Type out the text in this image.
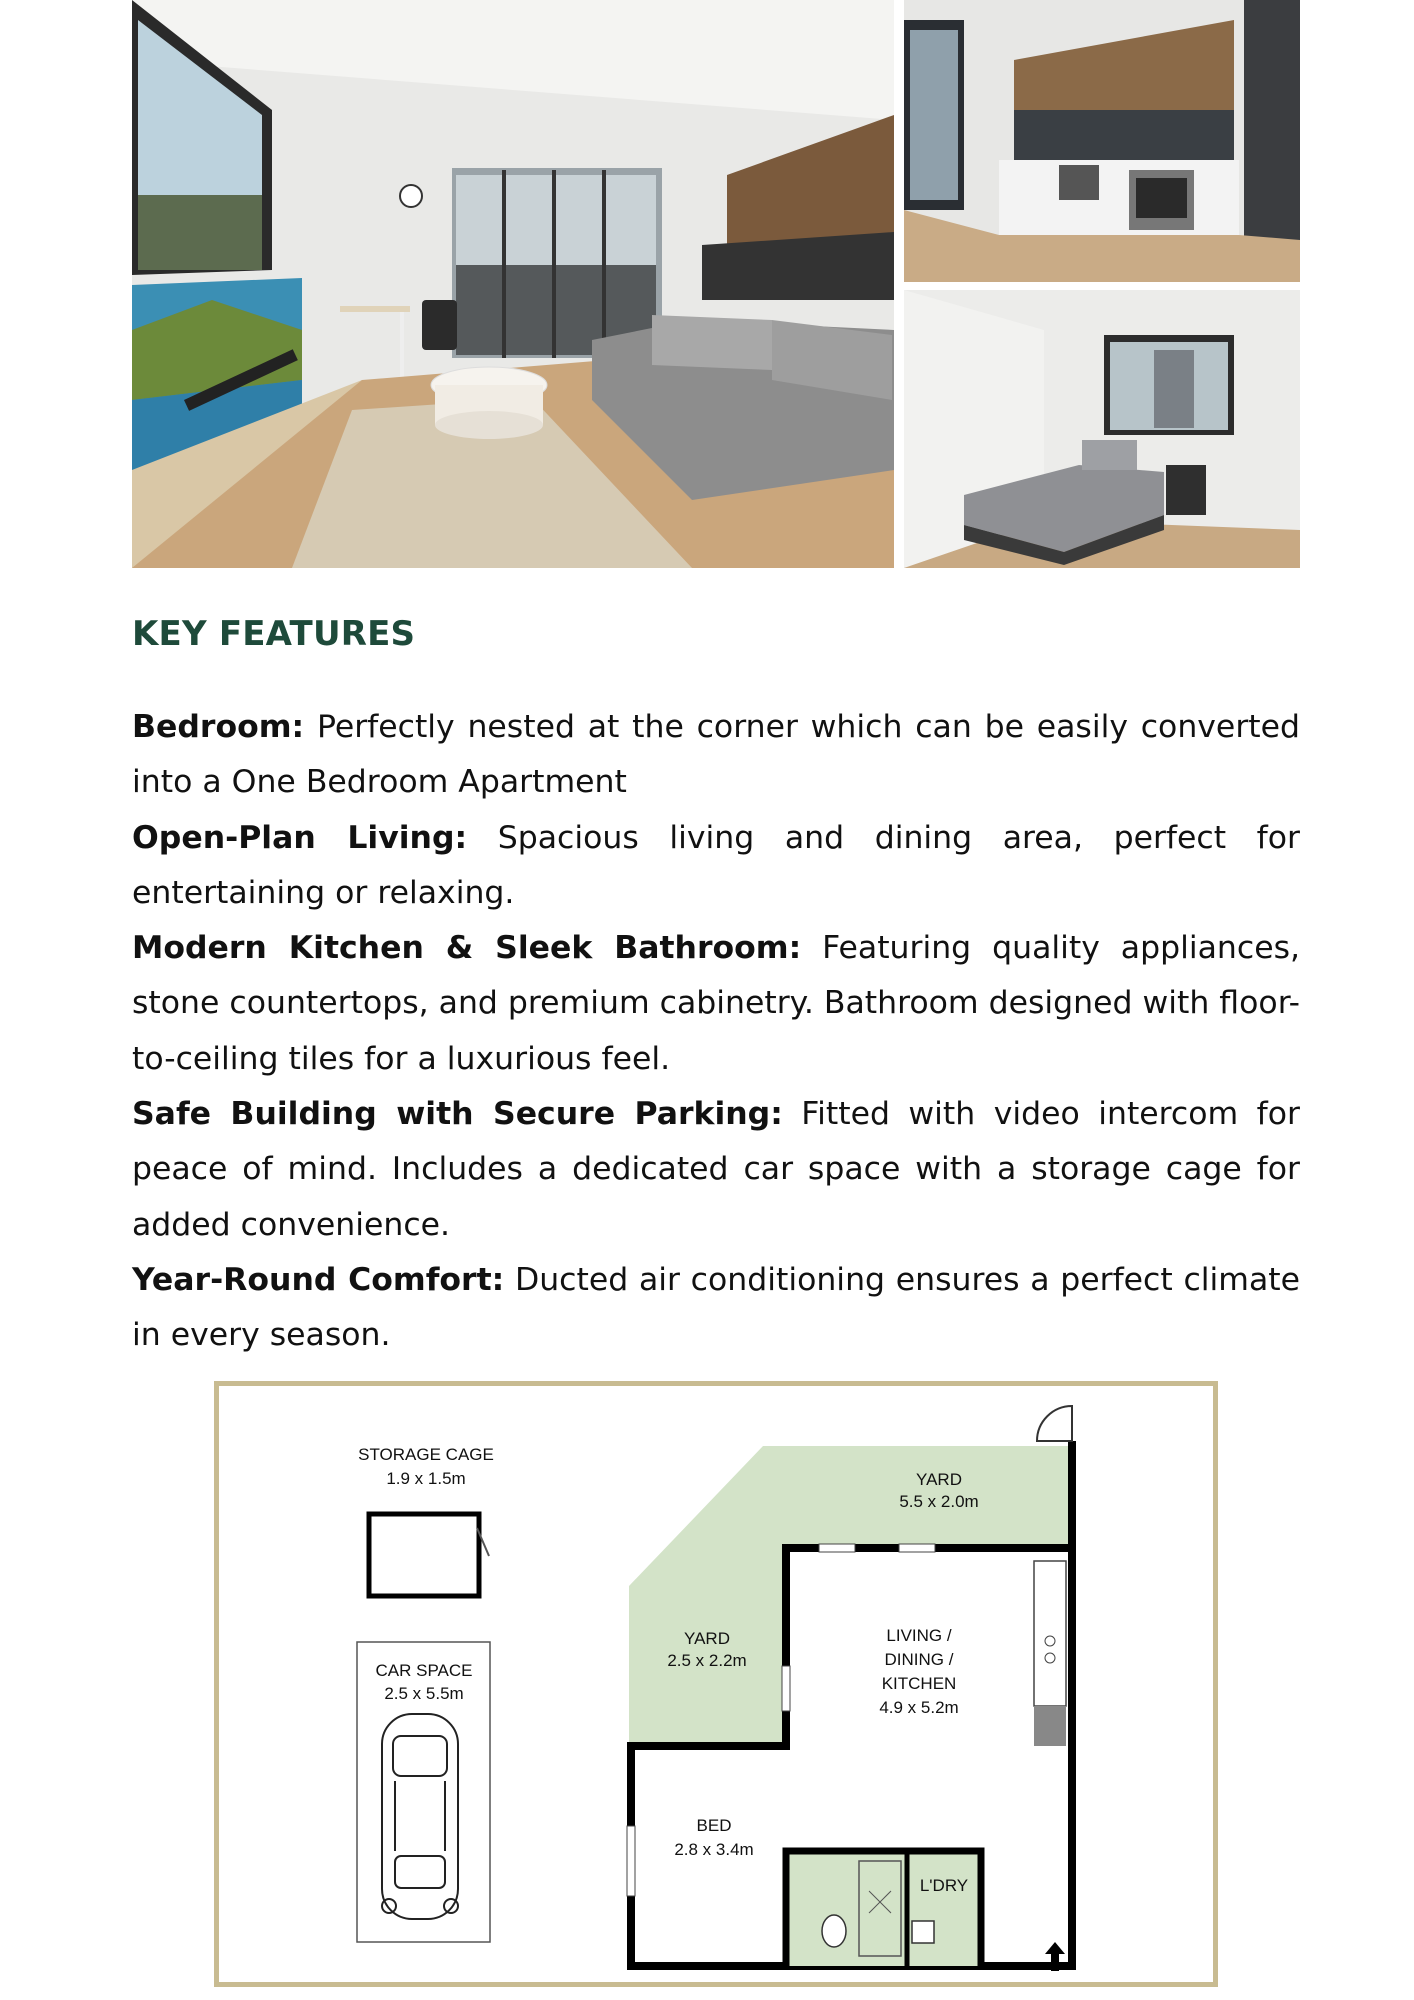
KEY FEATURES

Bedroom: Perfectly nested at the corner which can be easily converted into a One Bedroom Apartment

Open-Plan Living: Spacious living and dining area, perfect for entertaining or relaxing.

Modern Kitchen & Sleek Bathroom: Featuring quality appliances, stone countertops, and premium cabinetry. Bathroom designed with floor-to-ceiling tiles for a luxurious feel.

Safe Building with Secure Parking: Fitted with video intercom for peace of mind. Includes a dedicated car space with a storage cage for added convenience.

Year-Round Comfort: Ducted air conditioning ensures a perfect climate in every season.

STORAGE CAGE
1.9 x 1.5m
CAR SPACE
2.5 x 5.5m
L'DRY
YARD
5.5 x 2.0m
YARD
2.5 x 2.2m
LIVING /
DINING /
KITCHEN
4.9 x 5.2m
BED
2.8 x 3.4m
